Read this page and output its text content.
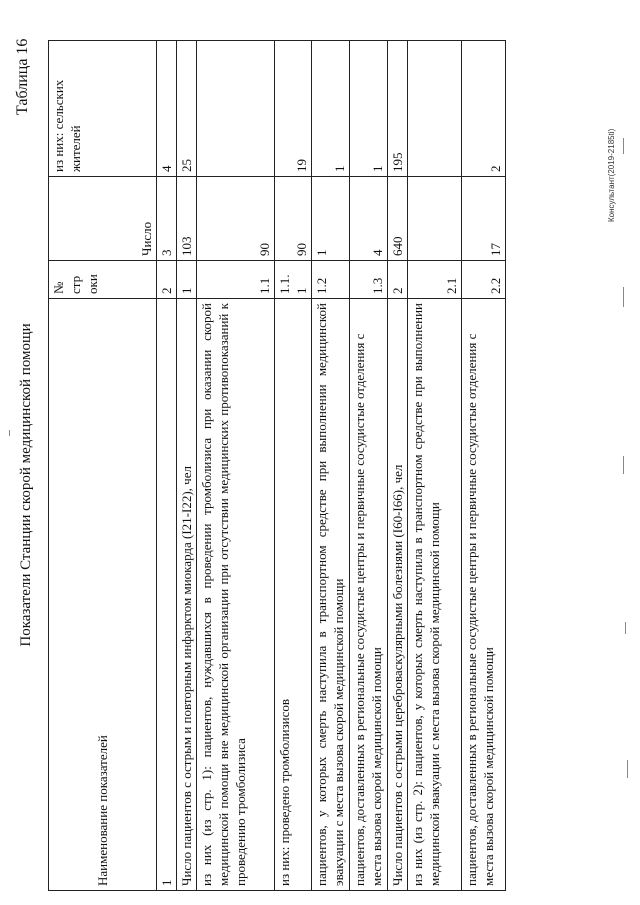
Показатели Станции скорой медицинской помощи
Таблица 16
Наименование показателей	№ стр оки	Число	из них: сельских жителей
1	2	3	4
Число пациентов с острым и повторным инфарктом миокарда (I21-I22), чел	1	103	25
из них (из стр. 1): пациентов, нуждавшихся в проведении тромболизиса при оказании скорой медицинской помощи вне медицинской организации при отсутствии медицинских противопоказаний к проведению тромболизиса	1.1	90	
из них: проведено тромболизисов	1.1. 1	90	19
пациентов, у которых смерть наступила в транспортном средстве при выполнении медицинской эвакуации с места вызова скорой медицинской помощи	1.2	1	1
пациентов, доставленных в региональные сосудистые центры и первичные сосудистые отделения с места вызова скорой медицинской помощи	1.3	4	1
Число пациентов с острыми цереброваскулярными болезнями (I60-I66), чел	2	640	195
из них (из стр. 2): пациентов, у которых смерть наступила в транспортном средстве при выполнении медицинской эвакуации с места вызова скорой медицинской помощи	2.1		
пациентов, доставленных в региональные сосудистые центры и первичные сосудистые отделения с места вызова скорой медицинской помощи	2.2	17	2	Консультант(2019-2185ti)
